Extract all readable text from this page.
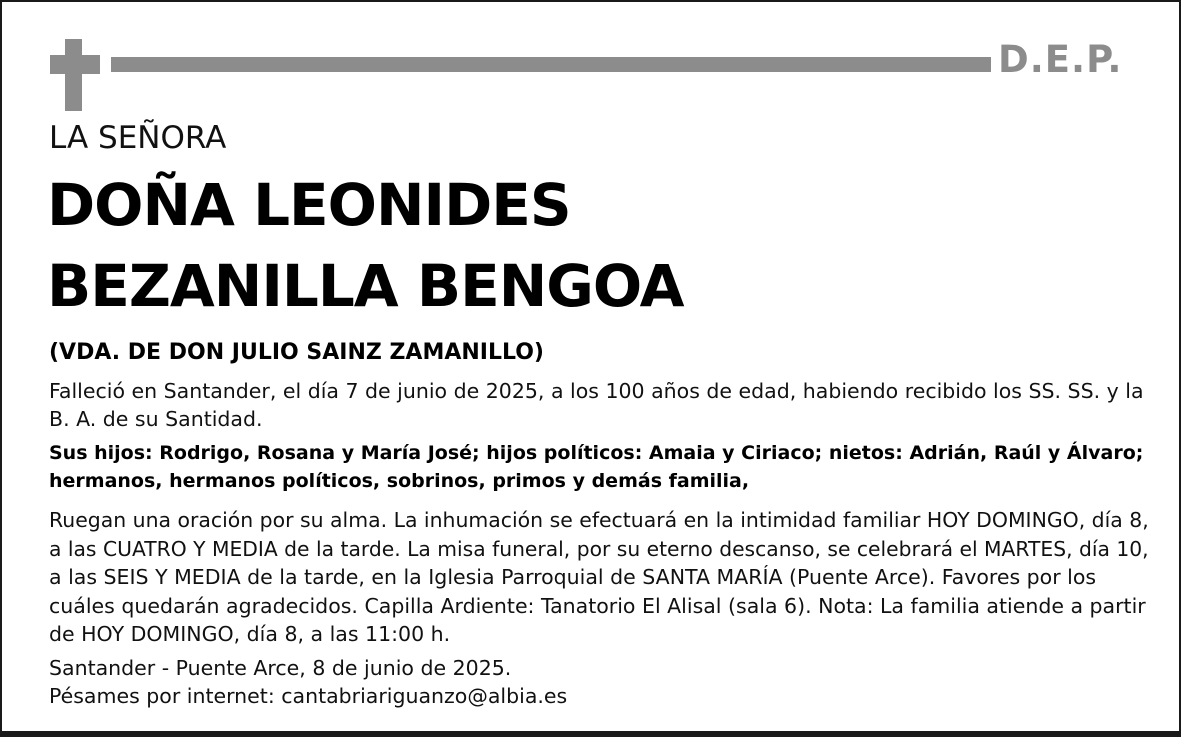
D.E.P.
LA SEÑORA
DOÑA LEONIDES
BEZANILLA BENGOA
(VDA. DE DON JULIO SAINZ ZAMANILLO)
Falleció en Santander, el día 7 de junio de 2025, a los 100 años de edad, habiendo recibido los SS. SS. y la
B. A. de su Santidad.
Sus hijos: Rodrigo, Rosana y María José; hijos políticos: Amaia y Ciriaco; nietos: Adrián, Raúl y Álvaro;
hermanos, hermanos políticos, sobrinos, primos y demás familia,
Ruegan una oración por su alma. La inhumación se efectuará en la intimidad familiar HOY DOMINGO, día 8,
a las CUATRO Y MEDIA de la tarde. La misa funeral, por su eterno descanso, se celebrará el MARTES, día 10,
a las SEIS Y MEDIA de la tarde, en la Iglesia Parroquial de SANTA MARÍA (Puente Arce). Favores por los
cuáles quedarán agradecidos. Capilla Ardiente: Tanatorio El Alisal (sala 6). Nota: La familia atiende a partir
de HOY DOMINGO, día 8, a las 11:00 h.
Santander - Puente Arce, 8 de junio de 2025.
Pésames por internet: cantabriariguanzo@albia.es
